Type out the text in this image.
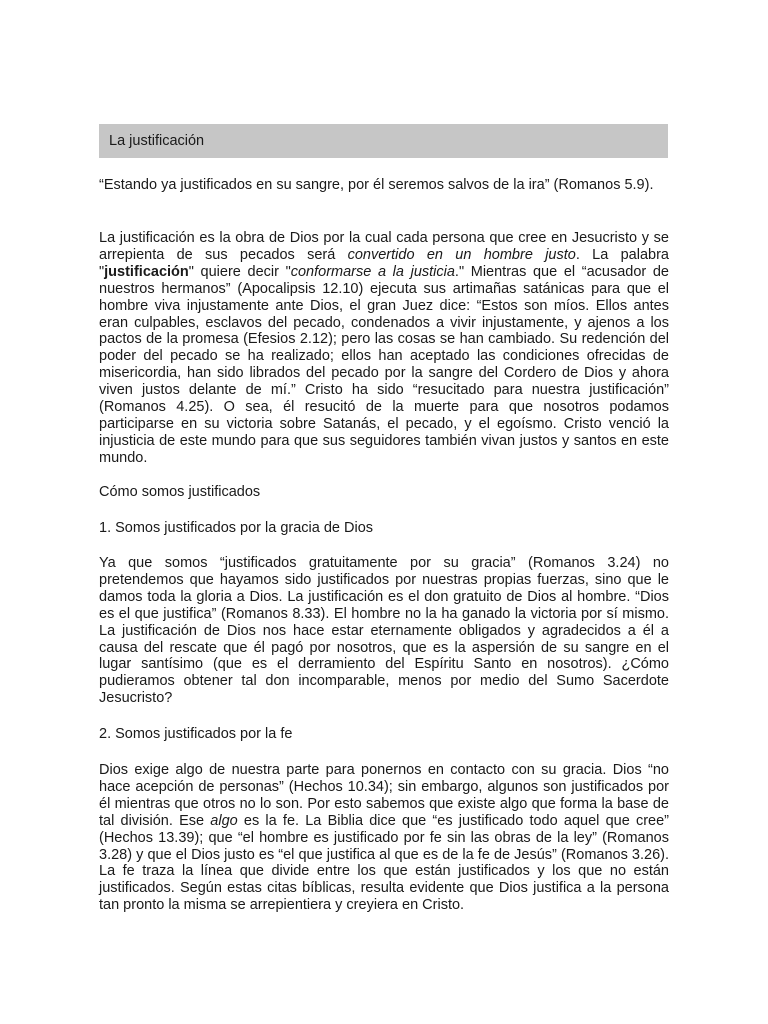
La justificación

“Estando ya justificados en su sangre, por él seremos salvos de la ira” (Romanos 5.9).

La justificación es la obra de Dios por la cual cada persona que cree en Jesucristo y se arrepienta de sus pecados será convertido en un hombre justo. La palabra "justificación" quiere decir "conformarse a la justicia." Mientras que el “acusador de nuestros hermanos” (Apocalipsis 12.10) ejecuta sus artimañas satánicas para que el hombre viva injustamente ante Dios, el gran Juez dice: “Estos son míos. Ellos antes eran culpables, esclavos del pecado, condenados a vivir injustamente, y ajenos a los pactos de la promesa (Efesios 2.12); pero las cosas se han cambiado. Su redención del poder del pecado se ha realizado; ellos han aceptado las condiciones ofrecidas de misericordia, han sido librados del pecado por la sangre del Cordero de Dios y ahora viven justos delante de mí.” Cristo ha sido “resucitado para nuestra justificación” (Romanos 4.25). O sea, él resucitó de la muerte para que nosotros podamos participarse en su victoria sobre Satanás, el pecado, y el egoísmo. Cristo venció la injusticia de este mundo para que sus seguidores también vivan justos y santos en este mundo.

Cómo somos justificados

1. Somos justificados por la gracia de Dios

Ya que somos “justificados gratuitamente por su gracia” (Romanos 3.24) no pretendemos que hayamos sido justificados por nuestras propias fuerzas, sino que le damos toda la gloria a Dios. La justificación es el don gratuito de Dios al hombre. “Dios es el que justifica” (Romanos 8.33). El hombre no la ha ganado la victoria por sí mismo. La justificación de Dios nos hace estar eternamente obligados y agradecidos a él a causa del rescate que él pagó por nosotros, que es la aspersión de su sangre en el lugar santísimo (que es el derramiento del Espíritu Santo en nosotros). ¿Cómo pudieramos obtener tal don incomparable, menos por medio del Sumo Sacerdote Jesucristo?

2. Somos justificados por la fe

Dios exige algo de nuestra parte para ponernos en contacto con su gracia. Dios “no hace acepción de personas” (Hechos 10.34); sin embargo, algunos son justificados por él mientras que otros no lo son. Por esto sabemos que existe algo que forma la base de tal división. Ese algo es la fe. La Biblia dice que “es justificado todo aquel que cree” (Hechos 13.39); que “el hombre es justificado por fe sin las obras de la ley” (Romanos 3.28) y que el Dios justo es “el que justifica al que es de la fe de Jesús” (Romanos 3.26). La fe traza la línea que divide entre los que están justificados y los que no están justificados. Según estas citas bíblicas, resulta evidente que Dios justifica a la persona tan pronto la misma se arrepientiera y creyiera en Cristo.
